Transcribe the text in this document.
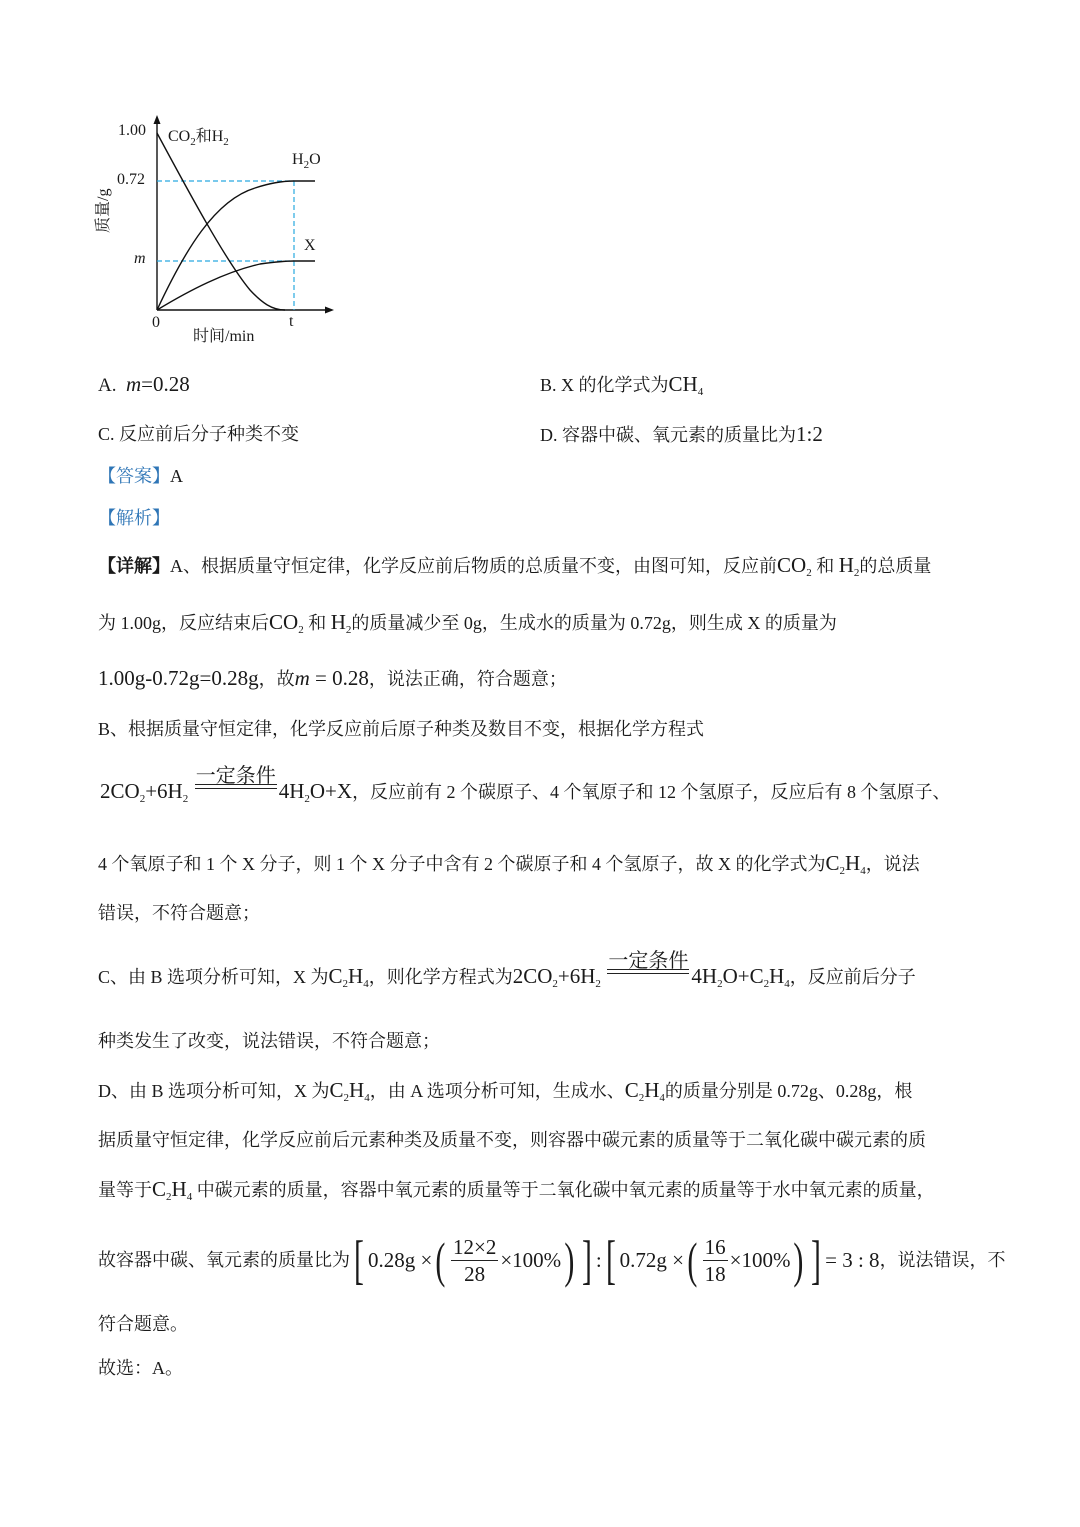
1.00
0.72
m
0	t
时间/min
质量/g
$CO_2$和$H_2$
$H_2O$
X
A. m=0.28	B. X 的化学式为$CH_4$
C. 反应前后分子种类不变	D. 容器中碳、氧元素的质量比为1:2
【答案】A
【解析】
【详解】A、根据质量守恒定律，化学反应前后物质的总质量不变，由图可知，反应前$CO_2$ 和 $H_2$的总质量
为 1.00g，反应结束后$CO_2$ 和 $H_2$的质量减少至 0g，生成水的质量为 0.72g，则生成 X 的质量为
1.00g-0.72g=0.28g，故m = 0.28，说法正确，符合题意；
B、根据质量守恒定律，化学反应前后原子种类及数目不变，根据化学方程式
$2CO_2+6H_2$
一定条件
$4H_2O+X$，反应前有 2 个碳原子、4 个氧原子和 12 个氢原子，反应后有 8 个氢原子、
4 个氧原子和 1 个 X 分子，则 1 个 X 分子中含有 2 个碳原子和 4 个氢原子，故 X 的化学式为$C_2H_4$，说法
错误，不符合题意；
C、由 B 选项分析可知，X 为$C_2H_4$，则化学方程式为$2CO_2+6H_2$
一定条件
$4H_2O+C_2H_4$，反应前后分子
种类发生了改变，说法错误，不符合题意；
D、由 B 选项分析可知，X 为$C_2H_4$，由 A 选项分析可知，生成水、$C_2H_4$的质量分别是 0.72g、0.28g，根
据质量守恒定律，化学反应前后元素种类及质量不变，则容器中碳元素的质量等于二氧化碳中碳元素的质
量等于$C_2H_4$ 中碳元素的质量，容器中氧元素的质量等于二氧化碳中氧元素的质量等于水中氧元素的质量，
故容器中碳、氧元素的质量比为 [ 0.28g × ( $\frac{12\times 2}{28} \times 100\%$ ) ] : [ 0.72g × ( $\frac{16}{18} \times 100\%$ ) ] = 3 : 8 ，说法错误，不
符合题意。
故选：A。
